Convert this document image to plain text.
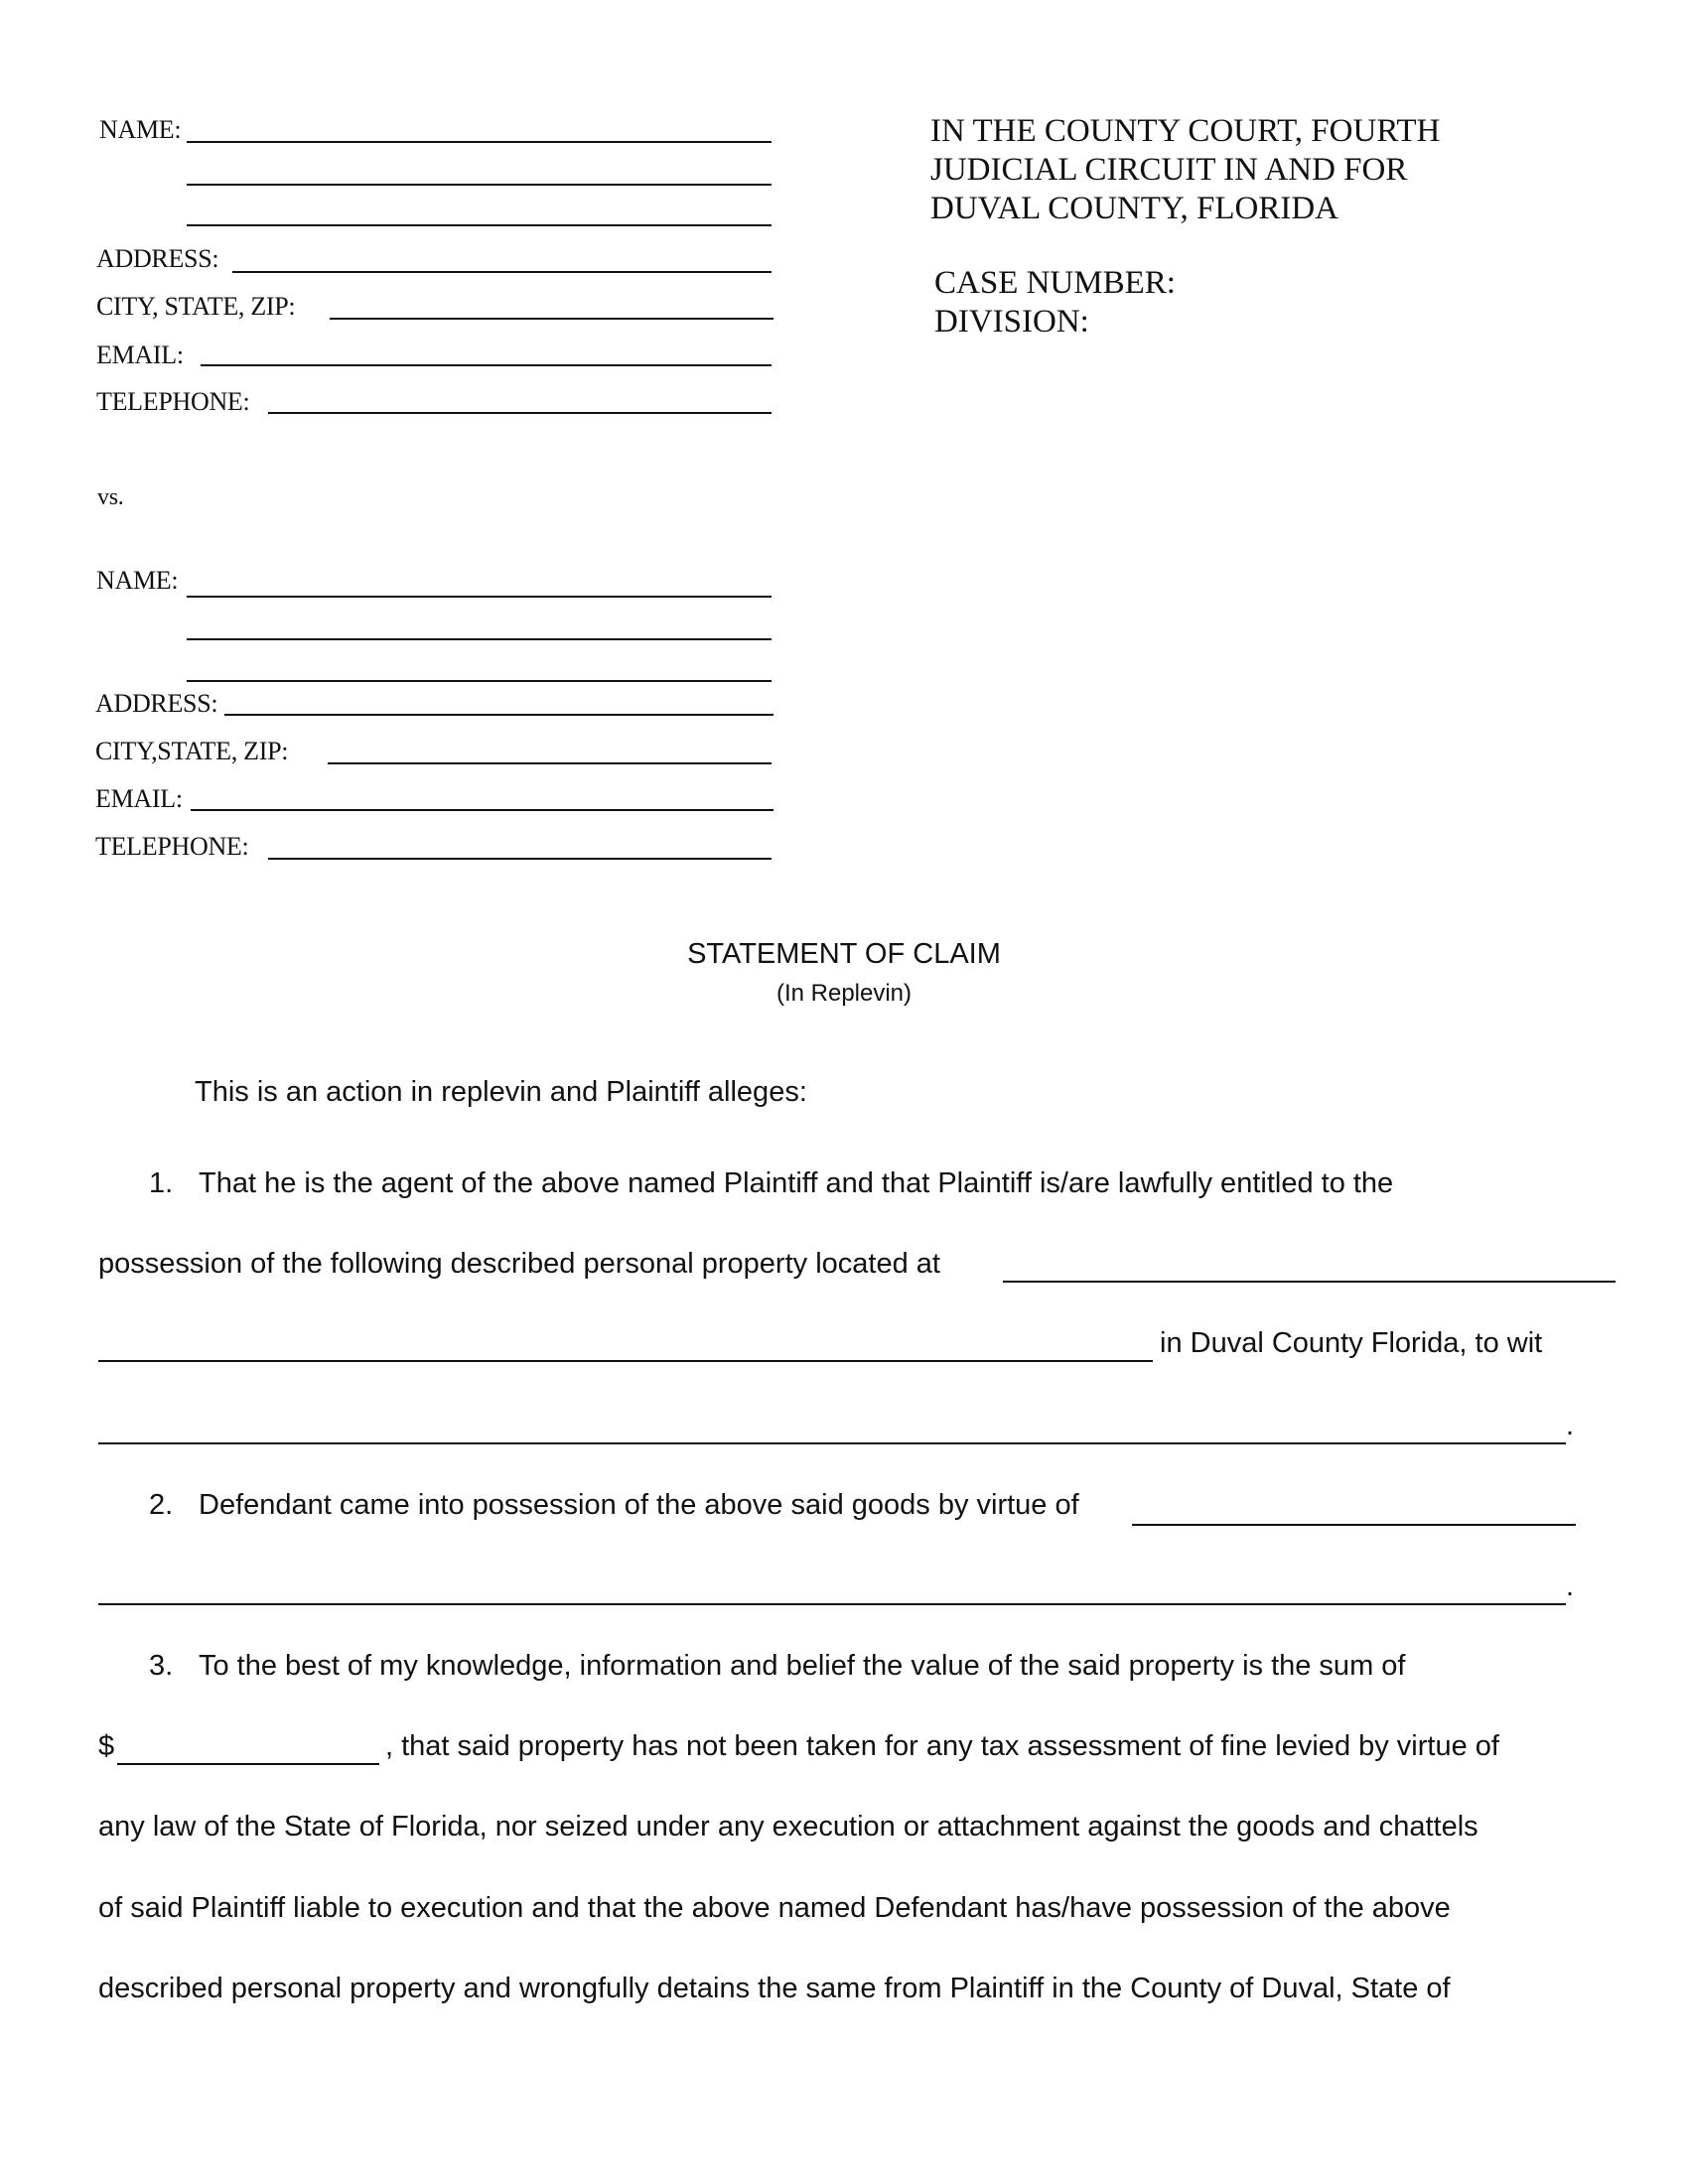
NAME:
ADDRESS:
CITY, STATE, ZIP:
EMAIL:
TELEPHONE:
vs.
NAME:
ADDRESS:
CITY,STATE, ZIP:
EMAIL:
TELEPHONE:
IN THE COUNTY COURT, FOURTH
JUDICIAL CIRCUIT IN AND FOR
DUVAL COUNTY, FLORIDA
CASE NUMBER:
DIVISION:
STATEMENT OF CLAIM
(In Replevin)
This is an action in replevin and Plaintiff alleges:
1. That he is the agent of the above named Plaintiff and that Plaintiff is/are lawfully entitled to the
possession of the following described personal property located at
in Duval County Florida, to wit
.
2. Defendant came into possession of the above said goods by virtue of
.
3. To the best of my knowledge, information and belief the value of the said property is the sum of
$	, that said property has not been taken for any tax assessment of fine levied by virtue of
any law of the State of Florida, nor seized under any execution or attachment against the goods and chattels
of said Plaintiff liable to execution and that the above named Defendant has/have possession of the above
described personal property and wrongfully detains the same from Plaintiff in the County of Duval, State of
